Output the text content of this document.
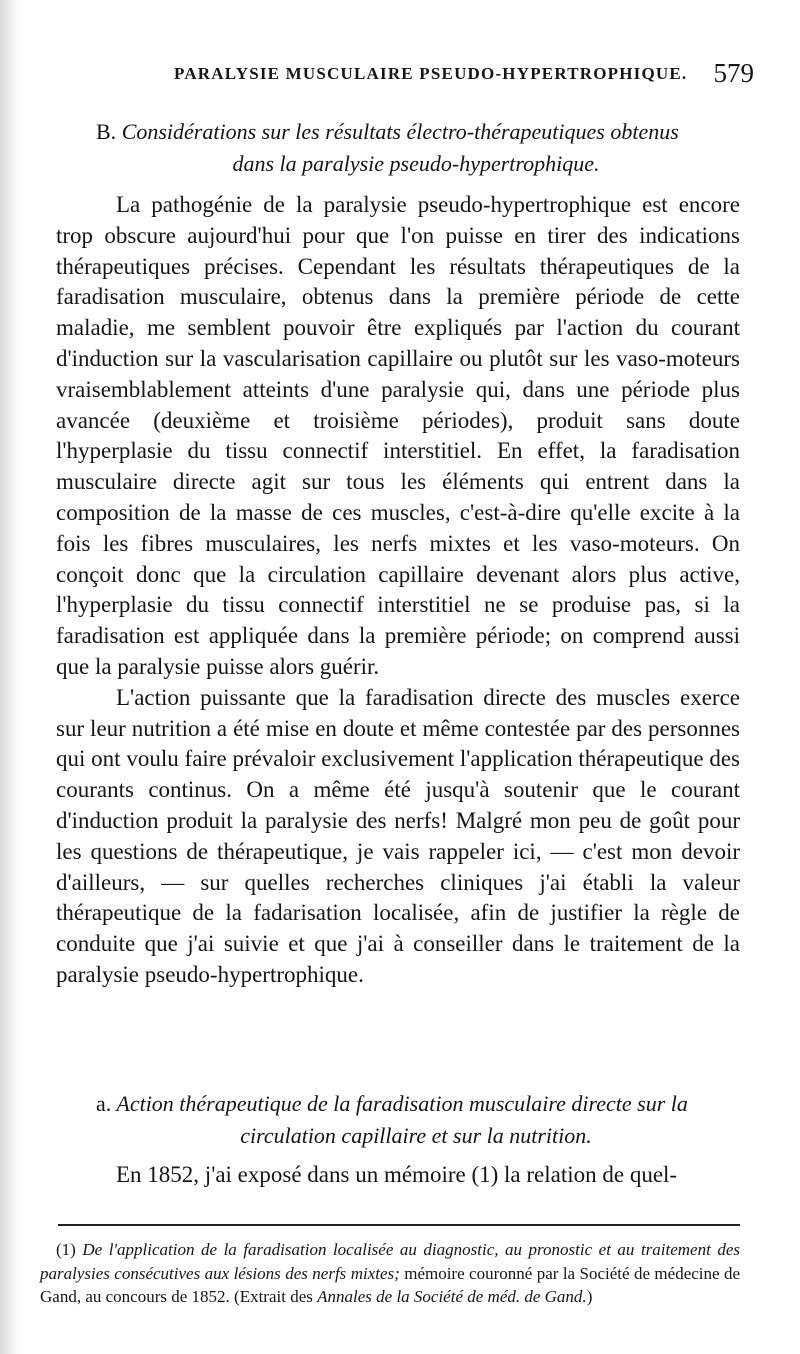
PARALYSIE MUSCULAIRE PSEUDO-HYPERTROPHIQUE. 579

B. Considérations sur les résultats électro-thérapeutiques obtenus

dans la paralysie pseudo-hypertrophique.

La pathogénie de la paralysie pseudo-hypertrophique est encore trop obscure aujourd'hui pour que l'on puisse en tirer des indications thérapeutiques précises. Cependant les résultats thérapeutiques de la faradisation musculaire, obtenus dans la première période de cette maladie, me semblent pouvoir être expliqués par l'action du courant d'induction sur la vascularisation capillaire ou plutôt sur les vaso-moteurs vraisemblablement atteints d'une paralysie qui, dans une période plus avancée (deuxième et troisième périodes), produit sans doute l'hyperplasie du tissu connectif interstitiel. En effet, la faradisation musculaire directe agit sur tous les éléments qui entrent dans la composition de la masse de ces muscles, c'est-à-dire qu'elle excite à la fois les fibres musculaires, les nerfs mixtes et les vaso-moteurs. On conçoit donc que la circulation capillaire devenant alors plus active, l'hyperplasie du tissu connectif interstitiel ne se produise pas, si la faradisation est appliquée dans la première période; on comprend aussi que la paralysie puisse alors guérir.

L'action puissante que la faradisation directe des muscles exerce sur leur nutrition a été mise en doute et même contestée par des personnes qui ont voulu faire prévaloir exclusivement l'application thérapeutique des courants continus. On a même été jusqu'à soutenir que le courant d'induction produit la paralysie des nerfs! Malgré mon peu de goût pour les questions de thérapeutique, je vais rappeler ici, — c'est mon devoir d'ailleurs, — sur quelles recherches cliniques j'ai établi la valeur thérapeutique de la fadarisation localisée, afin de justifier la règle de conduite que j'ai suivie et que j'ai à conseiller dans le traitement de la paralysie pseudo-hypertrophique.

a. Action thérapeutique de la faradisation musculaire directe sur la

circulation capillaire et sur la nutrition.

En 1852, j'ai exposé dans un mémoire (1) la relation de quel-

(1) De l'application de la faradisation localisée au diagnostic, au pronostic et au traitement des paralysies consécutives aux lésions des nerfs mixtes; mémoire couronné par la Société de médecine de Gand, au concours de 1852. (Extrait des Annales de la Société de méd. de Gand.)
